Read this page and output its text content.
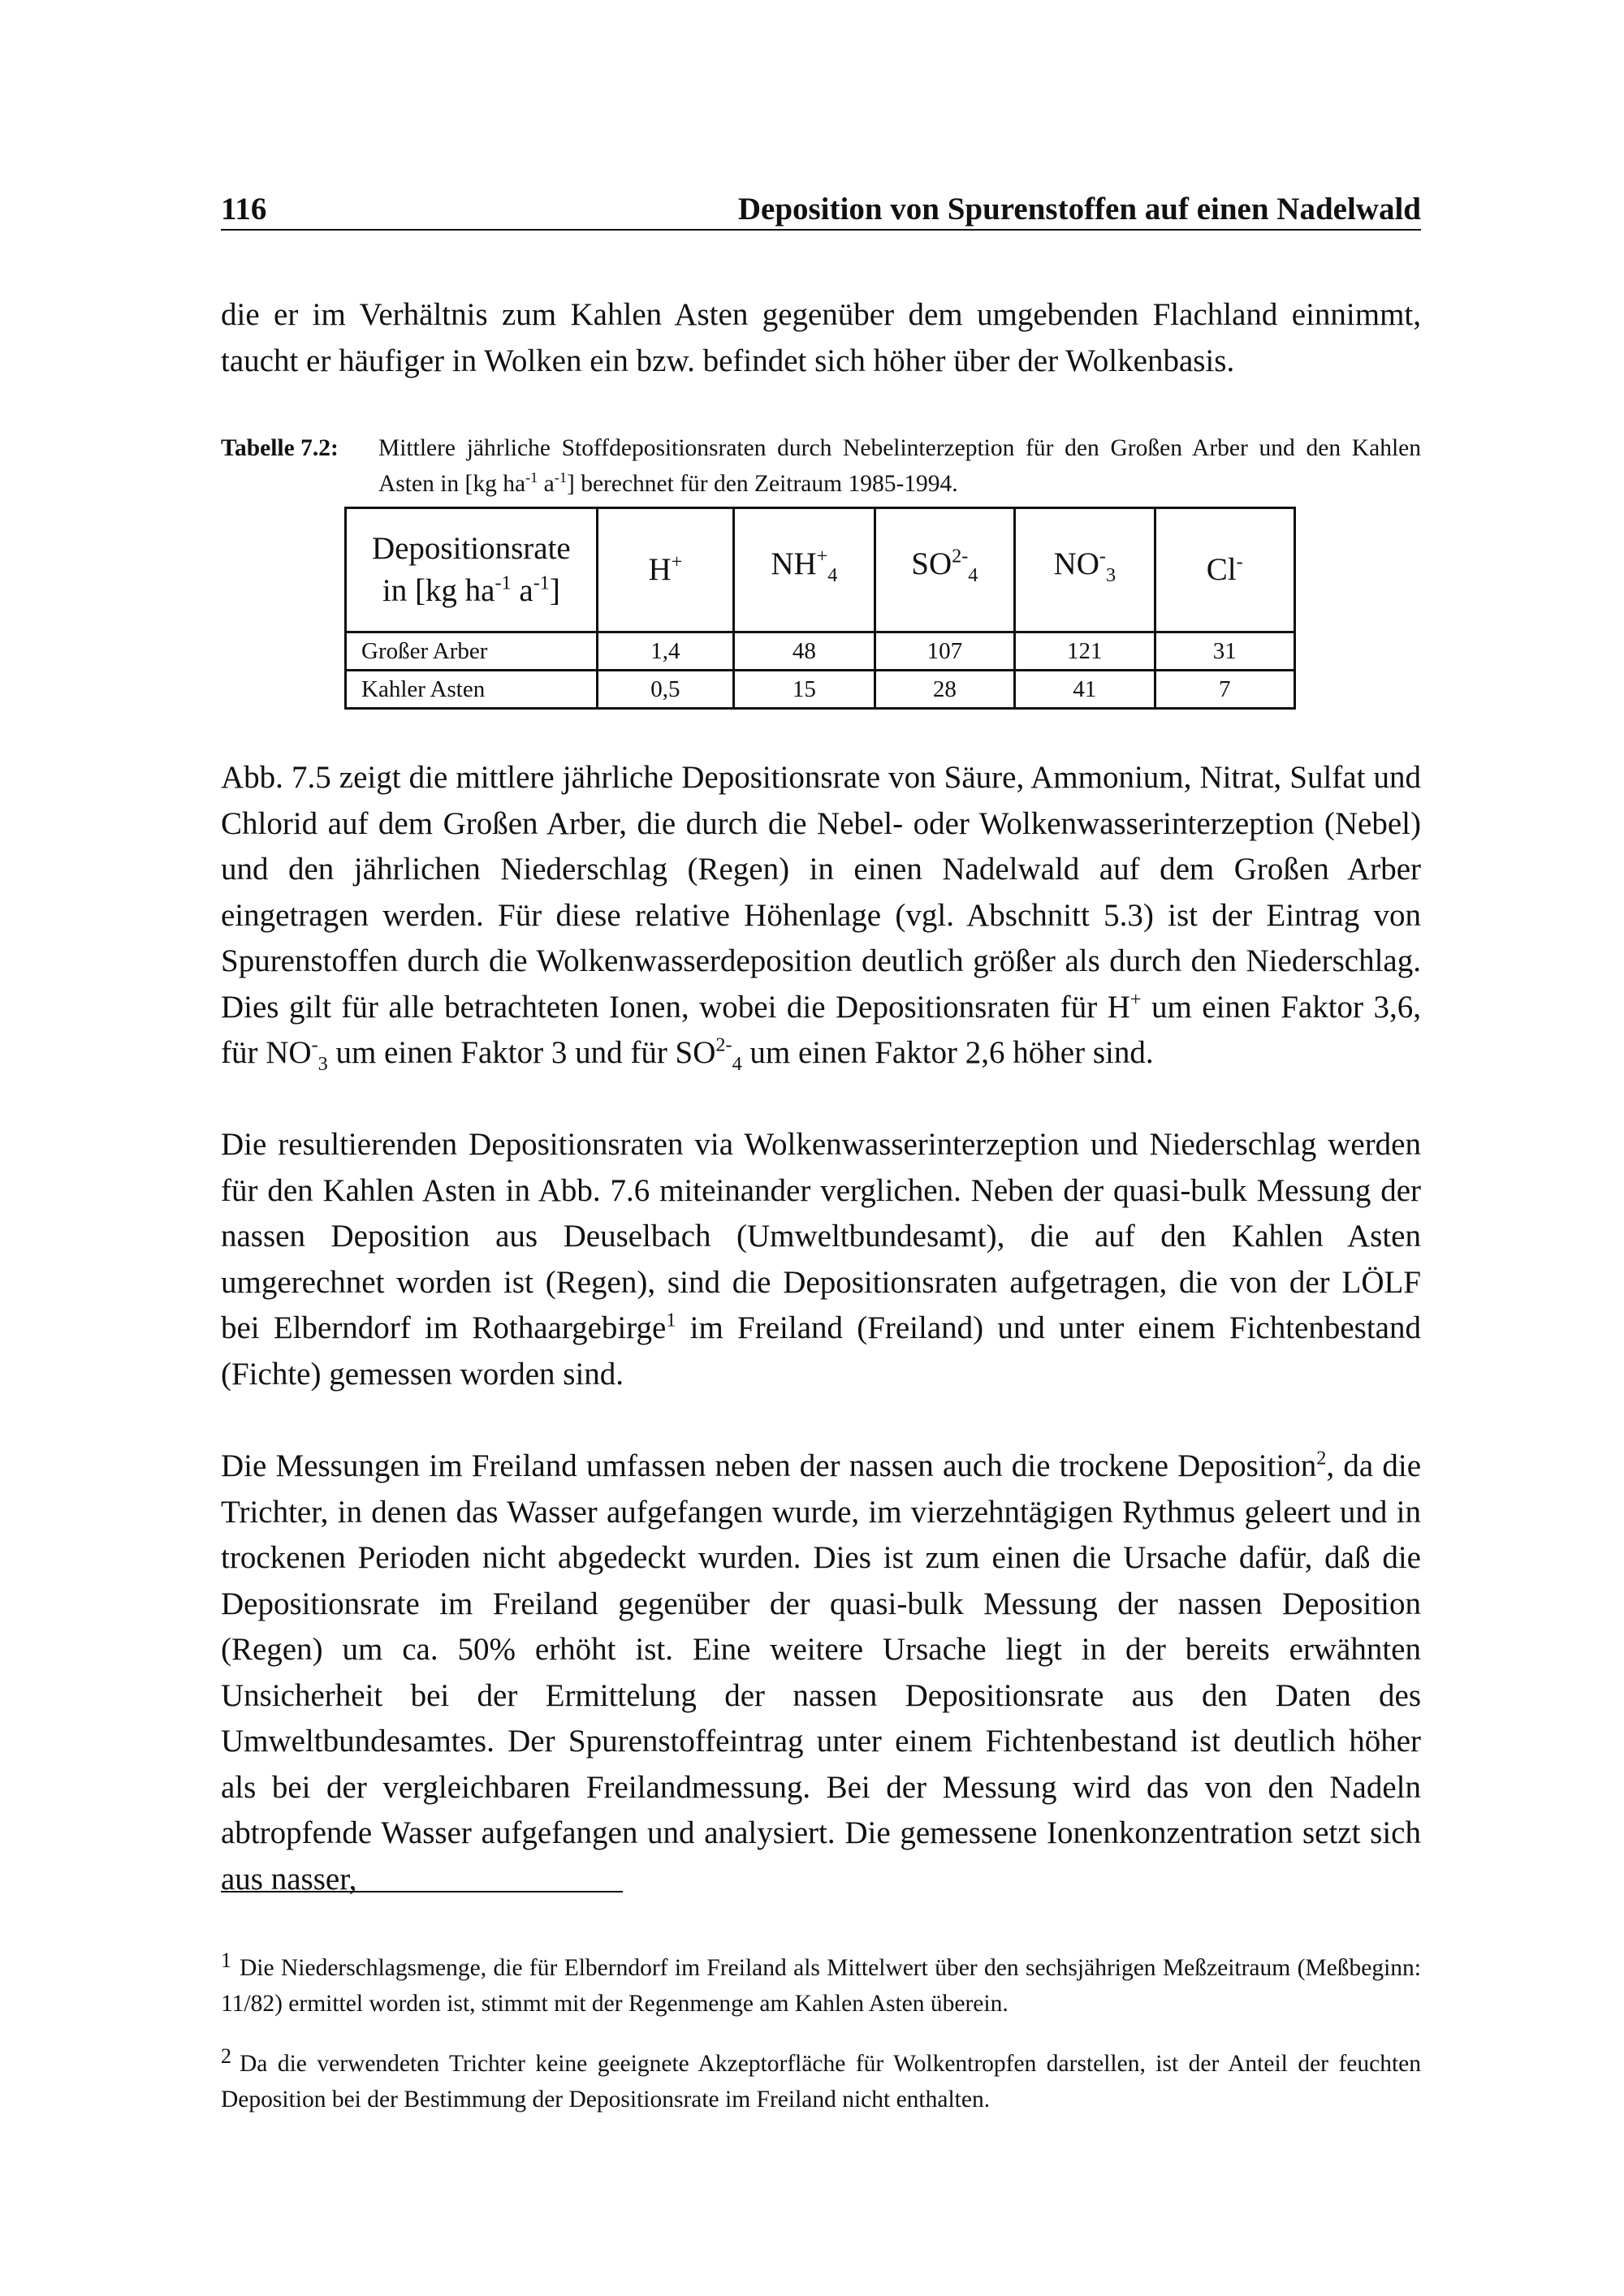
116	Deposition von Spurenstoffen auf einen Nadelwald

die er im Verhältnis zum Kahlen Asten gegenüber dem umgebenden Flachland einnimmt, taucht er häufiger in Wolken ein bzw. befindet sich höher über der Wolkenbasis.

Tabelle 7.2: Mittlere jährliche Stoffdepositionsraten durch Nebelinterzeption für den Großen Arber und den Kahlen Asten in [kg $ha^{-1}$ $a^{-1}$] berechnet für den Zeitraum 1985-1994.
Depositionsrate
in [kg $ha^{-1}$ $a^{-1}$]	H+	$NH^+_4$	$SO^{2-}_4$	$NO^-_3$	Cl-
Großer Arber	1,4	48	107	121	31
Kahler Asten	0,5	15	28	41	7

Abb. 7.5 zeigt die mittlere jährliche Depositionsrate von Säure, Ammonium, Nitrat, Sulfat und Chlorid auf dem Großen Arber, die durch die Nebel- oder Wolkenwasserinterzeption (Nebel) und den jährlichen Niederschlag (Regen) in einen Nadelwald auf dem Großen Arber eingetragen werden. Für diese relative Höhenlage (vgl. Abschnitt 5.3) ist der Eintrag von Spurenstoffen durch die Wolkenwasserdeposition deutlich größer als durch den Niederschlag. Dies gilt für alle betrachteten Ionen, wobei die Depositionsraten für H+ um einen Faktor 3,6, für $NO^-_3$ um einen Faktor 3 und für $SO^{2-}_4$ um einen Faktor 2,6 höher sind.

Die resultierenden Depositionsraten via Wolkenwasserinterzeption und Niederschlag werden für den Kahlen Asten in Abb. 7.6 miteinander verglichen. Neben der quasi-bulk Messung der nassen Deposition aus Deuselbach (Umweltbundesamt), die auf den Kahlen Asten umgerechnet worden ist (Regen), sind die Depositionsraten aufgetragen, die von der LÖLF bei Elberndorf im Rothaargebirge$^1$ im Freiland (Freiland) und unter einem Fichtenbestand (Fichte) gemessen worden sind.

Die Messungen im Freiland umfassen neben der nassen auch die trockene Deposition$^2$, da die Trichter, in denen das Wasser aufgefangen wurde, im vierzehntägigen Rythmus geleert und in trockenen Perioden nicht abgedeckt wurden. Dies ist zum einen die Ursache dafür, daß die Depositionsrate im Freiland gegenüber der quasi-bulk Messung der nassen Deposition (Regen) um ca. 50% erhöht ist. Eine weitere Ursache liegt in der bereits erwähnten Unsicherheit bei der Ermittelung der nassen Depositionsrate aus den Daten des Umweltbundesamtes. Der Spurenstoffeintrag unter einem Fichtenbestand ist deutlich höher als bei der vergleichbaren Freilandmessung. Bei der Messung wird das von den Nadeln abtropfende Wasser aufgefangen und analysiert. Die gemessene Ionenkonzentration setzt sich aus nasser,

1 Die Niederschlagsmenge, die für Elberndorf im Freiland als Mittelwert über den sechsjährigen Meßzeitraum (Meßbeginn: 11/82) ermittel worden ist, stimmt mit der Regenmenge am Kahlen Asten überein.

2 Da die verwendeten Trichter keine geeignete Akzeptorfläche für Wolkentropfen darstellen, ist der Anteil der feuchten Deposition bei der Bestimmung der Depositionsrate im Freiland nicht enthalten.
